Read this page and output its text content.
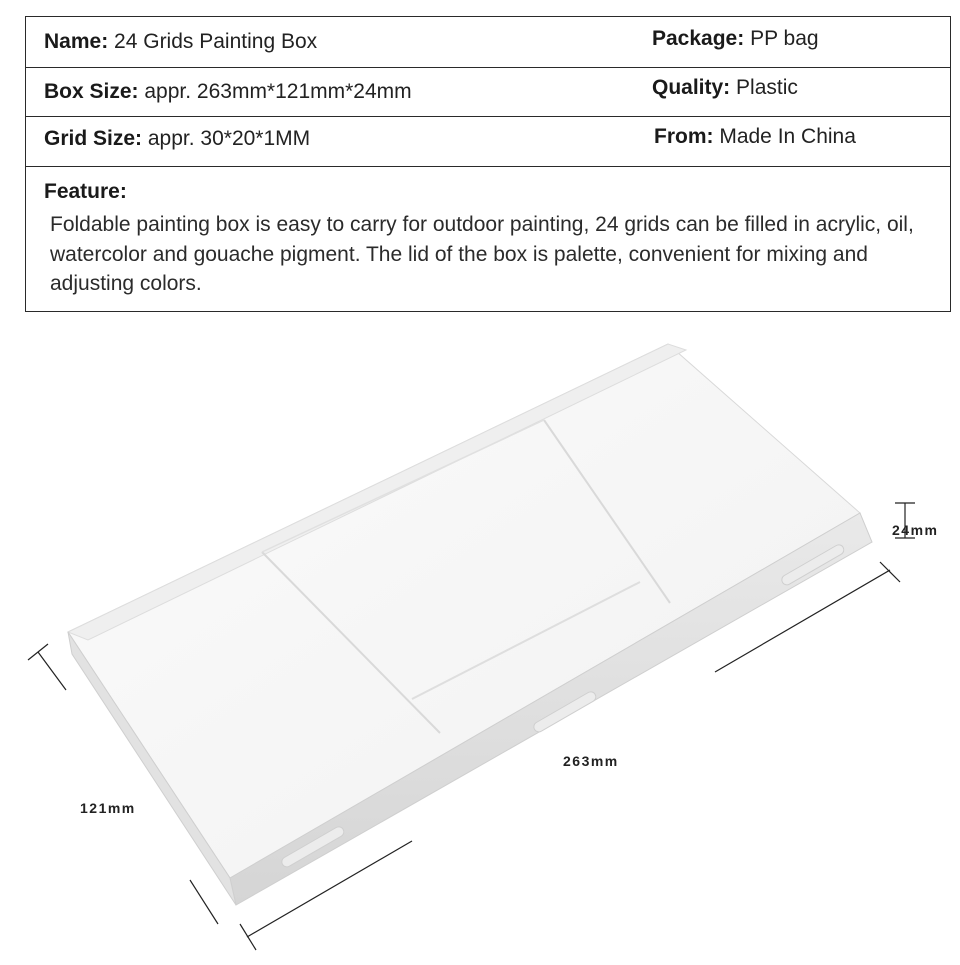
Name: 24 Grids Painting Box	Package: PP bag
Box Size: appr. 263mm*121mm*24mm	Quality: Plastic
Grid Size: appr. 30*20*1MM	From: Made In China
Feature:
Foldable painting box is easy to carry for outdoor painting, 24 grids can be filled in acrylic, oil, watercolor and gouache pigment. The lid of the box is palette, convenient for mixing and adjusting colors.
24mm
263mm
121mm
